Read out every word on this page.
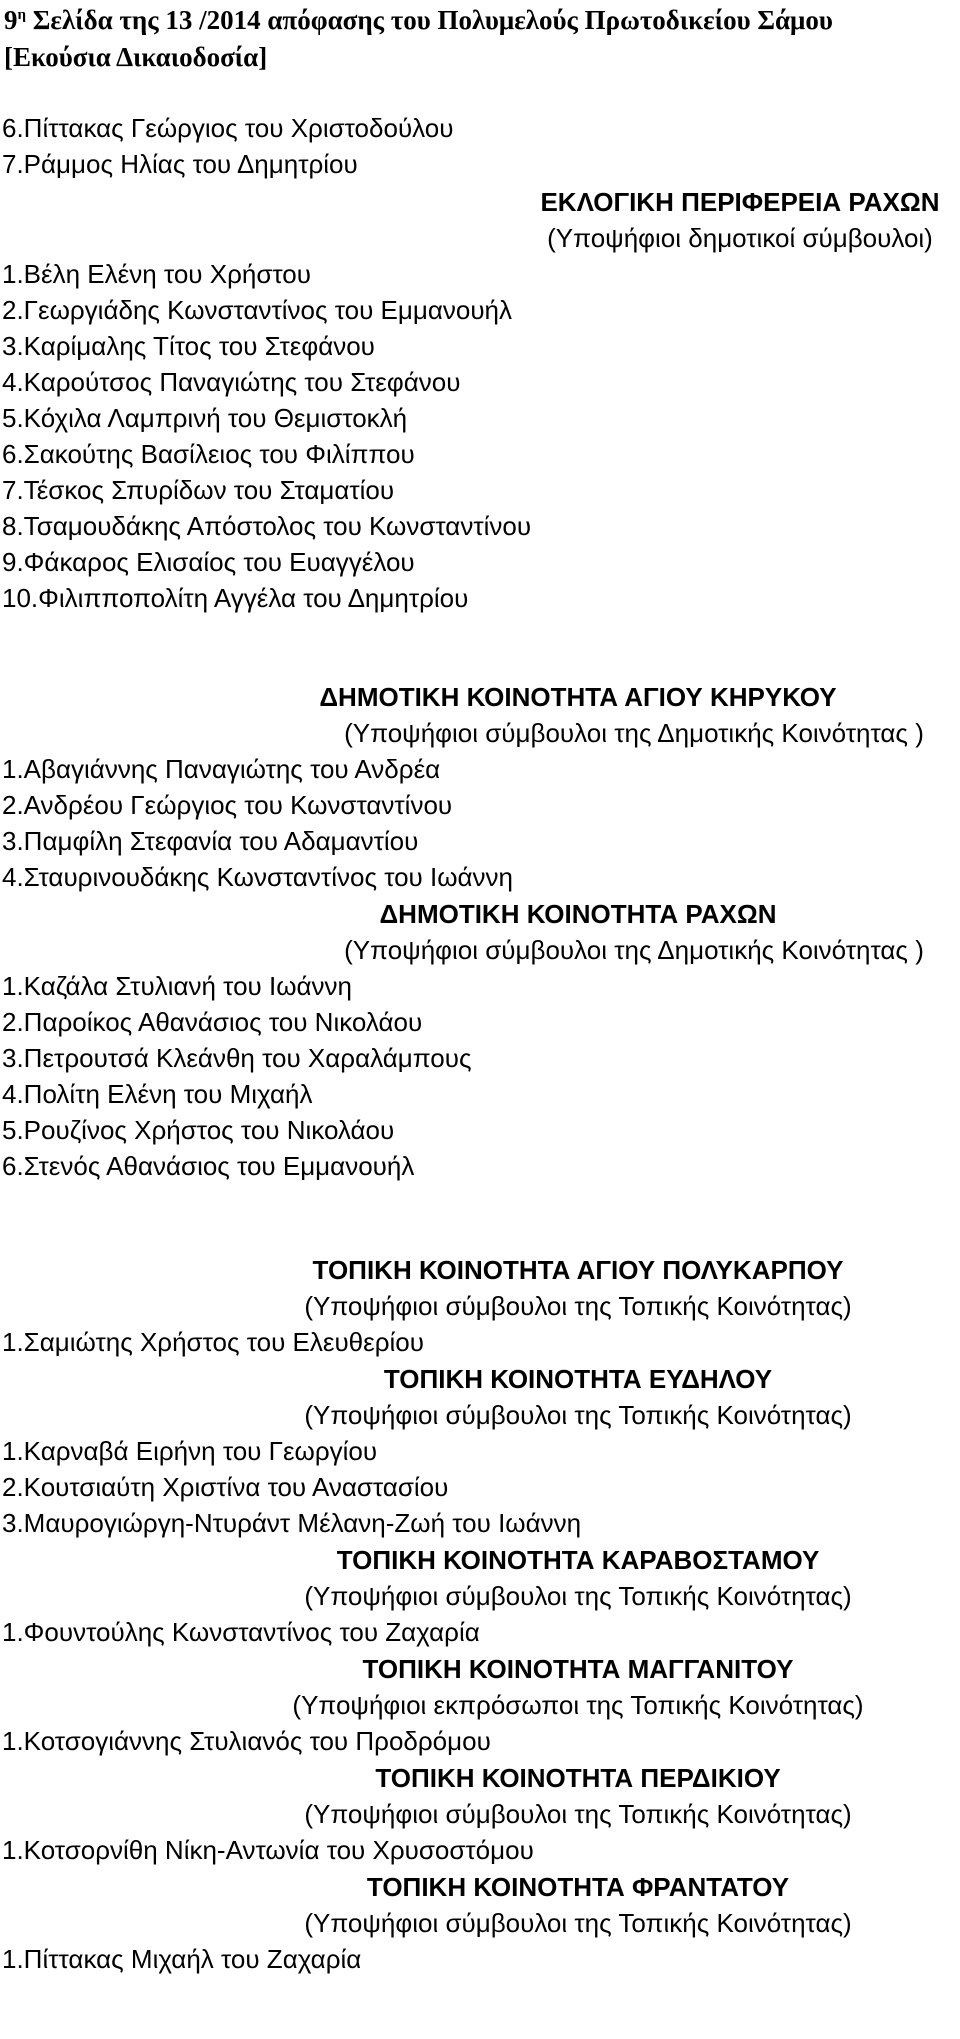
$9^\eta$ Σελίδα της 13 /2014 απόφασης του Πολυμελούς Πρωτοδικείου Σάμου
[Εκούσια Δικαιοδοσία]
6.Πίττακας Γεώργιος του Χριστοδούλου
7.Ράμμος Ηλίας του Δημητρίου
ΕΚΛΟΓΙΚΗ ΠΕΡΙΦΕΡΕΙΑ ΡΑΧΩΝ
(Υποψήφιοι δημοτικοί σύμβουλοι)
1.Βέλη Ελένη του Χρήστου
2.Γεωργιάδης Κωνσταντίνος του Εμμανουήλ
3.Καρίμαλης Τίτος του Στεφάνου
4.Καρούτσος Παναγιώτης του Στεφάνου
5.Κόχιλα Λαμπρινή του Θεμιστοκλή
6.Σακούτης Βασίλειος του Φιλίππου
7.Τέσκος Σπυρίδων του Σταματίου
8.Τσαμουδάκης Απόστολος του Κωνσταντίνου
9.Φάκαρος Ελισαίος του Ευαγγέλου
10.Φιλιπποπολίτη Αγγέλα του Δημητρίου
ΔΗΜΟΤΙΚΗ ΚΟΙΝΟΤΗΤΑ ΑΓΙΟΥ ΚΗΡΥΚΟΥ
(Υποψήφιοι σύμβουλοι της Δημοτικής Κοινότητας )
1.Αβαγιάννης Παναγιώτης του Ανδρέα
2.Ανδρέου Γεώργιος του Κωνσταντίνου
3.Παμφίλη Στεφανία του Αδαμαντίου
4.Σταυρινουδάκης Κωνσταντίνος του Ιωάννη
ΔΗΜΟΤΙΚΗ ΚΟΙΝΟΤΗΤΑ ΡΑΧΩΝ
(Υποψήφιοι σύμβουλοι της Δημοτικής Κοινότητας )
1.Καζάλα Στυλιανή του Ιωάννη
2.Παροίκος Αθανάσιος του Νικολάου
3.Πετρουτσά Κλεάνθη του Χαραλάμπους
4.Πολίτη Ελένη του Μιχαήλ
5.Ρουζίνος Χρήστος του Νικολάου
6.Στενός Αθανάσιος του Εμμανουήλ
ΤΟΠΙΚΗ ΚΟΙΝΟΤΗΤΑ ΑΓΙΟΥ ΠΟΛΥΚΑΡΠΟΥ
(Υποψήφιοι σύμβουλοι της Τοπικής Κοινότητας)
1.Σαμιώτης Χρήστος του Ελευθερίου
ΤΟΠΙΚΗ ΚΟΙΝΟΤΗΤΑ ΕΥΔΗΛΟΥ
(Υποψήφιοι σύμβουλοι της Τοπικής Κοινότητας)
1.Καρναβά Ειρήνη του Γεωργίου
2.Κουτσιαύτη Χριστίνα του Αναστασίου
3.Μαυρογιώργη-Ντυράντ Μέλανη-Ζωή του Ιωάννη
ΤΟΠΙΚΗ ΚΟΙΝΟΤΗΤΑ ΚΑΡΑΒΟΣΤΑΜΟΥ
(Υποψήφιοι σύμβουλοι της Τοπικής Κοινότητας)
1.Φουντούλης Κωνσταντίνος του Ζαχαρία
ΤΟΠΙΚΗ ΚΟΙΝΟΤΗΤΑ ΜΑΓΓΑΝΙΤΟΥ
(Υποψήφιοι εκπρόσωποι της Τοπικής Κοινότητας)
1.Κοτσογιάννης Στυλιανός του Προδρόμου
ΤΟΠΙΚΗ ΚΟΙΝΟΤΗΤΑ ΠΕΡΔΙΚΙΟΥ
(Υποψήφιοι σύμβουλοι της Τοπικής Κοινότητας)
1.Κοτσορνίθη Νίκη-Αντωνία του Χρυσοστόμου
ΤΟΠΙΚΗ ΚΟΙΝΟΤΗΤΑ ΦΡΑΝΤΑΤΟΥ
(Υποψήφιοι σύμβουλοι της Τοπικής Κοινότητας)
1.Πίττακας Μιχαήλ του Ζαχαρία
